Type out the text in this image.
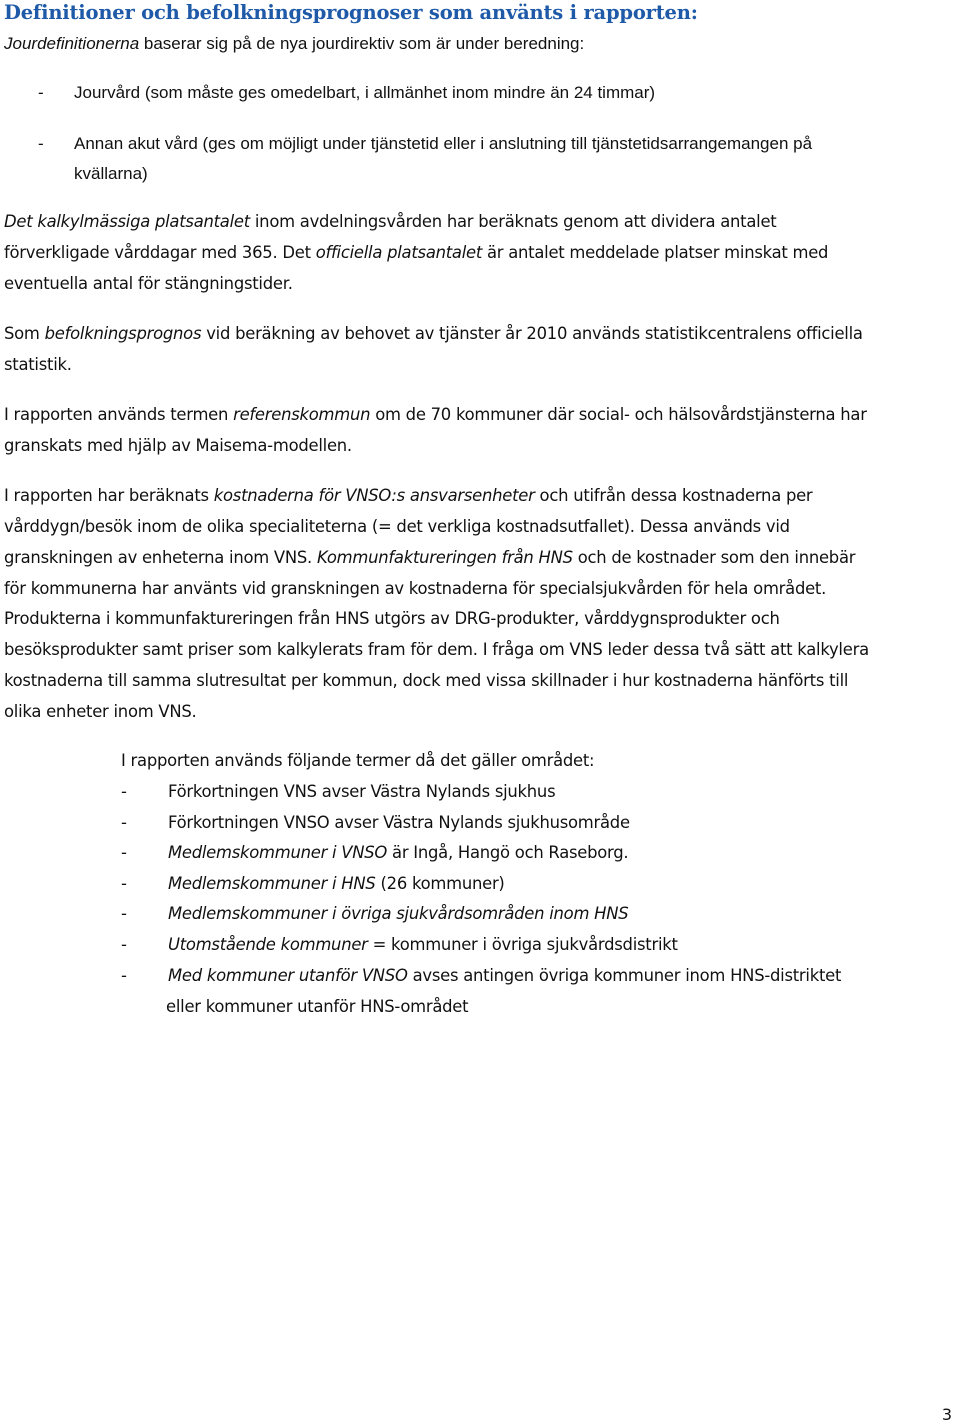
Definitioner och befolkningsprognoser som använts i rapporten:

Jourdefinitionerna baserar sig på de nya jourdirektiv som är under beredning:

- Jourvård (som måste ges omedelbart, i allmänhet inom mindre än 24 timmar)
- Annan akut vård (ges om möjligt under tjänstetid eller i anslutning till tjänstetidsarrangemangen på
kvällarna)

Det kalkylmässiga platsantalet inom avdelningsvården har beräknats genom att dividera antalet

förverkligade vårddagar med 365. Det officiella platsantalet är antalet meddelade platser minskat med

eventuella antal för stängningstider.

Som befolkningsprognos vid beräkning av behovet av tjänster år 2010 används statistikcentralens officiella

statistik.

I rapporten används termen referenskommun om de 70 kommuner där social- och hälsovårdstjänsterna har

granskats med hjälp av Maisema-modellen.

I rapporten har beräknats kostnaderna för VNSO:s ansvarsenheter och utifrån dessa kostnaderna per

vårddygn/besök inom de olika specialiteterna (= det verkliga kostnadsutfallet). Dessa används vid

granskningen av enheterna inom VNS. Kommunfaktureringen från HNS och de kostnader som den innebär

för kommunerna har använts vid granskningen av kostnaderna för specialsjukvården för hela området.

Produkterna i kommunfaktureringen från HNS utgörs av DRG-produkter, vårddygnsprodukter och

besöksprodukter samt priser som kalkylerats fram för dem. I fråga om VNS leder dessa två sätt att kalkylera

kostnaderna till samma slutresultat per kommun, dock med vissa skillnader i hur kostnaderna hänförts till

olika enheter inom VNS.

I rapporten används följande termer då det gäller området:

-	Förkortningen VNS avser Västra Nylands sjukhus
-	Förkortningen VNSO avser Västra Nylands sjukhusområde
-	Medlemskommuner i VNSO är Ingå, Hangö och Raseborg.
-	Medlemskommuner i HNS (26 kommuner)
-	Medlemskommuner i övriga sjukvårdsområden inom HNS
-	Utomstående kommuner = kommuner i övriga sjukvårdsdistrikt
-	Med kommuner utanför VNSO avses antingen övriga kommuner inom HNS-distriktet
eller kommuner utanför HNS-området
3
